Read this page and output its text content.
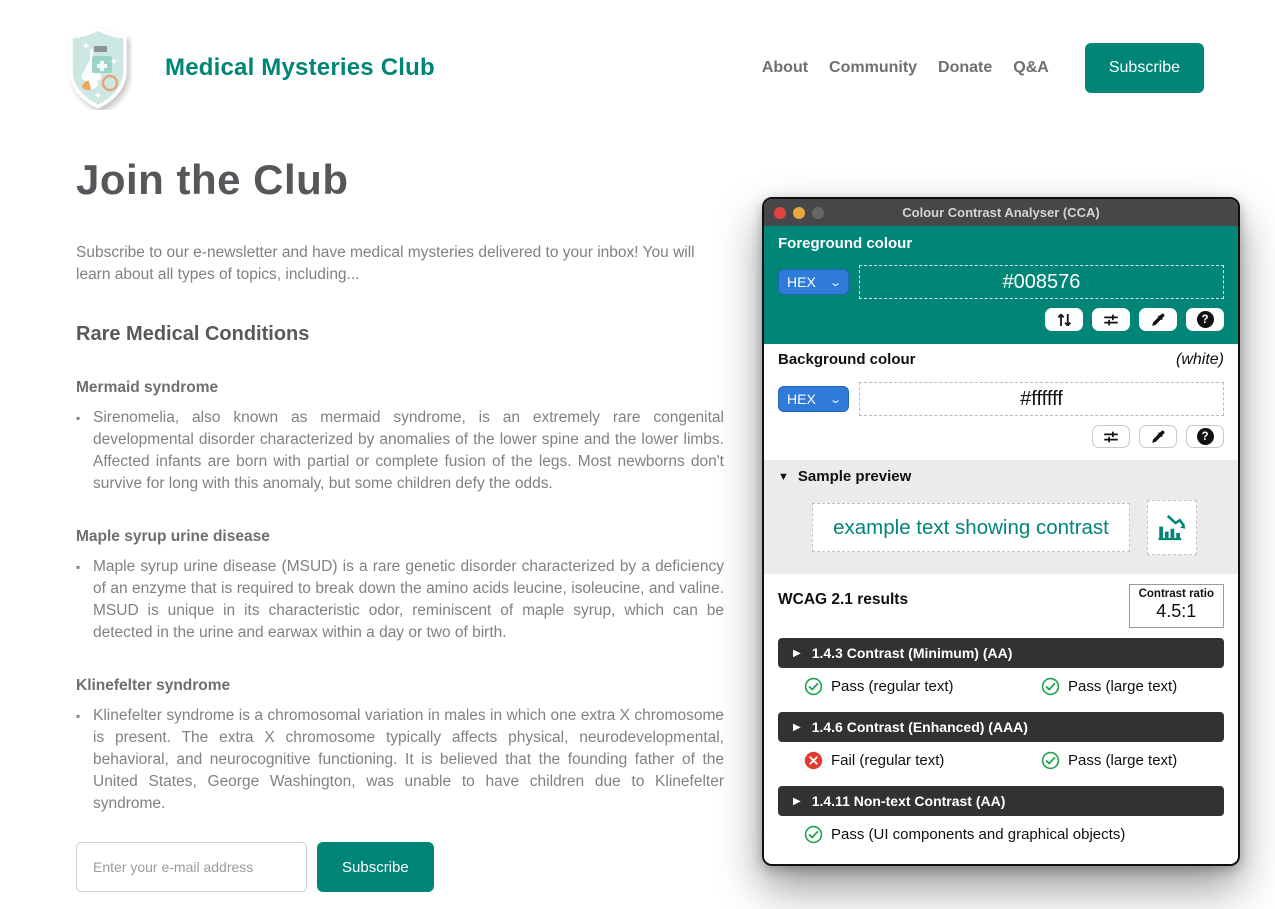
Medical Mysteries Club	About Community Donate Q&A	Subscribe
Join the Club

Subscribe to our e-newsletter and have medical mysteries delivered to your inbox! You will learn about all types of topics, including...

Rare Medical Conditions
Mermaid syndrome
▪ Sirenomelia, also known as mermaid syndrome, is an extremely rare congenital developmental disorder characterized by anomalies of the lower spine and the lower limbs. Affected infants are born with partial or complete fusion of the legs. Most newborns don't survive for long with this anomaly, but some children defy the odds.
Maple syrup urine disease
▪ Maple syrup urine disease (MSUD) is a rare genetic disorder characterized by a deficiency of an enzyme that is required to break down the amino acids leucine, isoleucine, and valine. MSUD is unique in its characteristic odor, reminiscent of maple syrup, which can be detected in the urine and earwax within a day or two of birth.
Klinefelter syndrome
▪ Klinefelter syndrome is a chromosomal variation in males in which one extra X chromosome is present. The extra X chromosome typically affects physical, neurodevelopmental, behavioral, and neurocognitive functioning. It is believed that the founding father of the United States, George Washington, was unable to have children due to Klinefelter syndrome.
Enter your e-mail address
Subscribe
Colour Contrast Analyser (CCA)
Foreground colour
HEX ⌄
#008576
?
Background colour	(white)
HEX ⌄
#ffffff
?
▼ Sample preview
example text showing contrast
WCAG 2.1 results	Contrast ratio
4.5:1
▶ 1.4.3 Contrast (Minimum) (AA)
Pass (regular text)	Pass (large text)
▶ 1.4.6 Contrast (Enhanced) (AAA)
Fail (regular text)	Pass (large text)
▶ 1.4.11 Non-text Contrast (AA)
Pass (UI components and graphical objects)
